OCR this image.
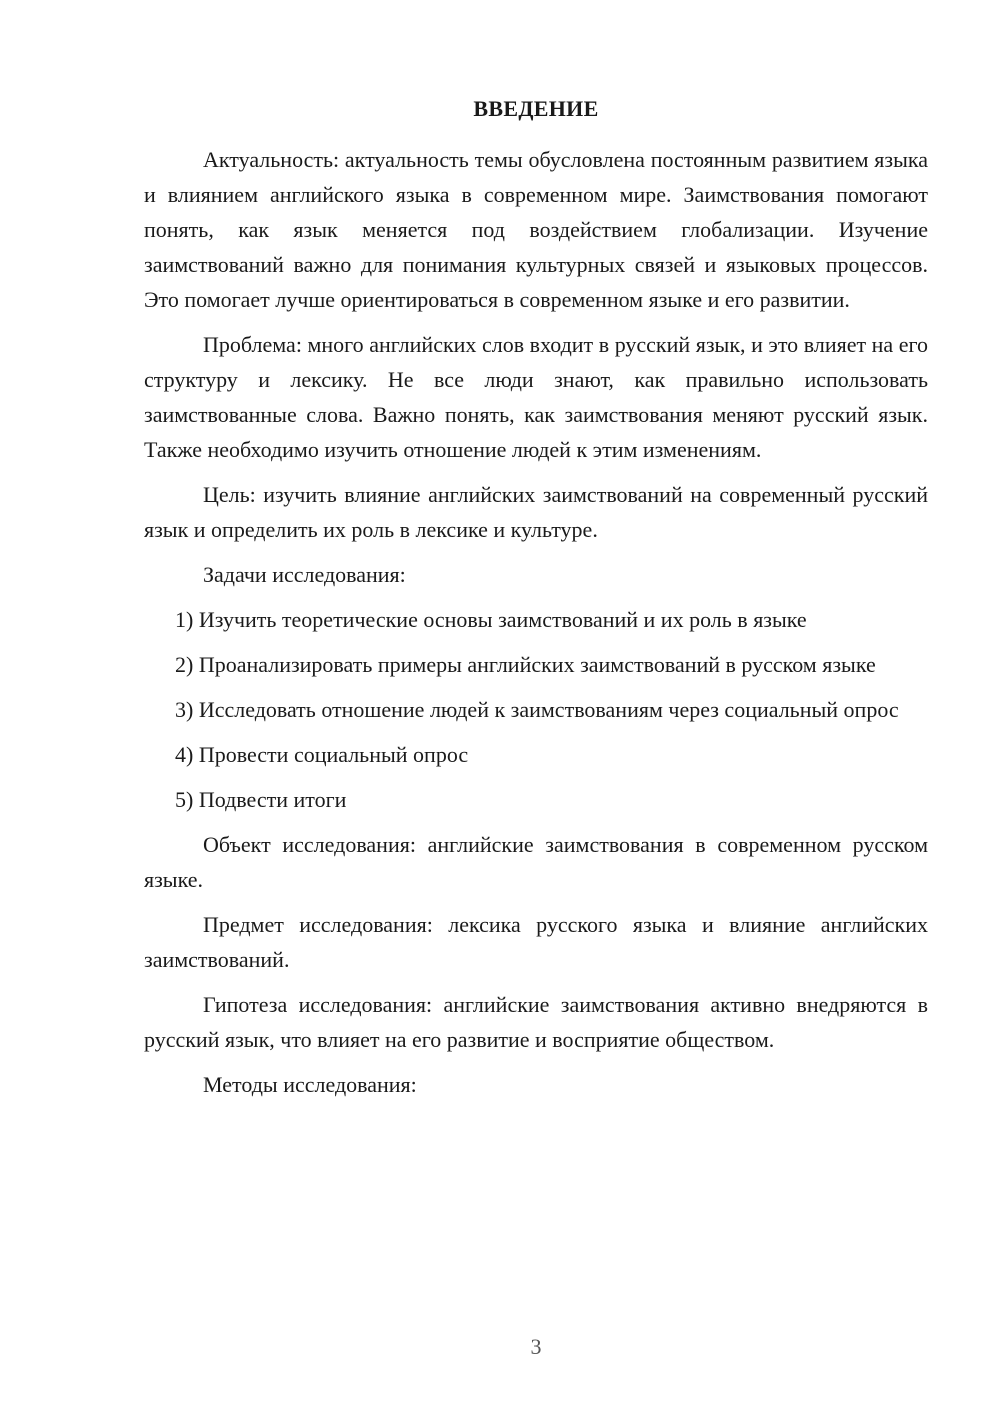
ВВЕДЕНИЕ

Актуальность: актуальность темы обусловлена постоянным развитием языка и влиянием английского языка в современном мире. Заимствования помогают понять, как язык меняется под воздействием глобализации. Изучение заимствований важно для понимания культурных связей и языковых процессов. Это помогает лучше ориентироваться в современном языке и его развитии.

Проблема: много английских слов входит в русский язык, и это влияет на его структуру и лексику. Не все люди знают, как правильно использовать заимствованные слова. Важно понять, как заимствования меняют русский язык. Также необходимо изучить отношение людей к этим изменениям.

Цель: изучить влияние английских заимствований на современный русский язык и определить их роль в лексике и культуре.

Задачи исследования:

1) Изучить теоретические основы заимствований и их роль в языке

2) Проанализировать примеры английских заимствований в русском языке

3) Исследовать отношение людей к заимствованиям через социальный опрос

4) Провести социальный опрос

5) Подвести итоги

Объект исследования: английские заимствования в современном русском языке.

Предмет исследования: лексика русского языка и влияние английских заимствований.

Гипотеза исследования: английские заимствования активно внедряются в русский язык, что влияет на его развитие и восприятие обществом.

Методы исследования:

3
